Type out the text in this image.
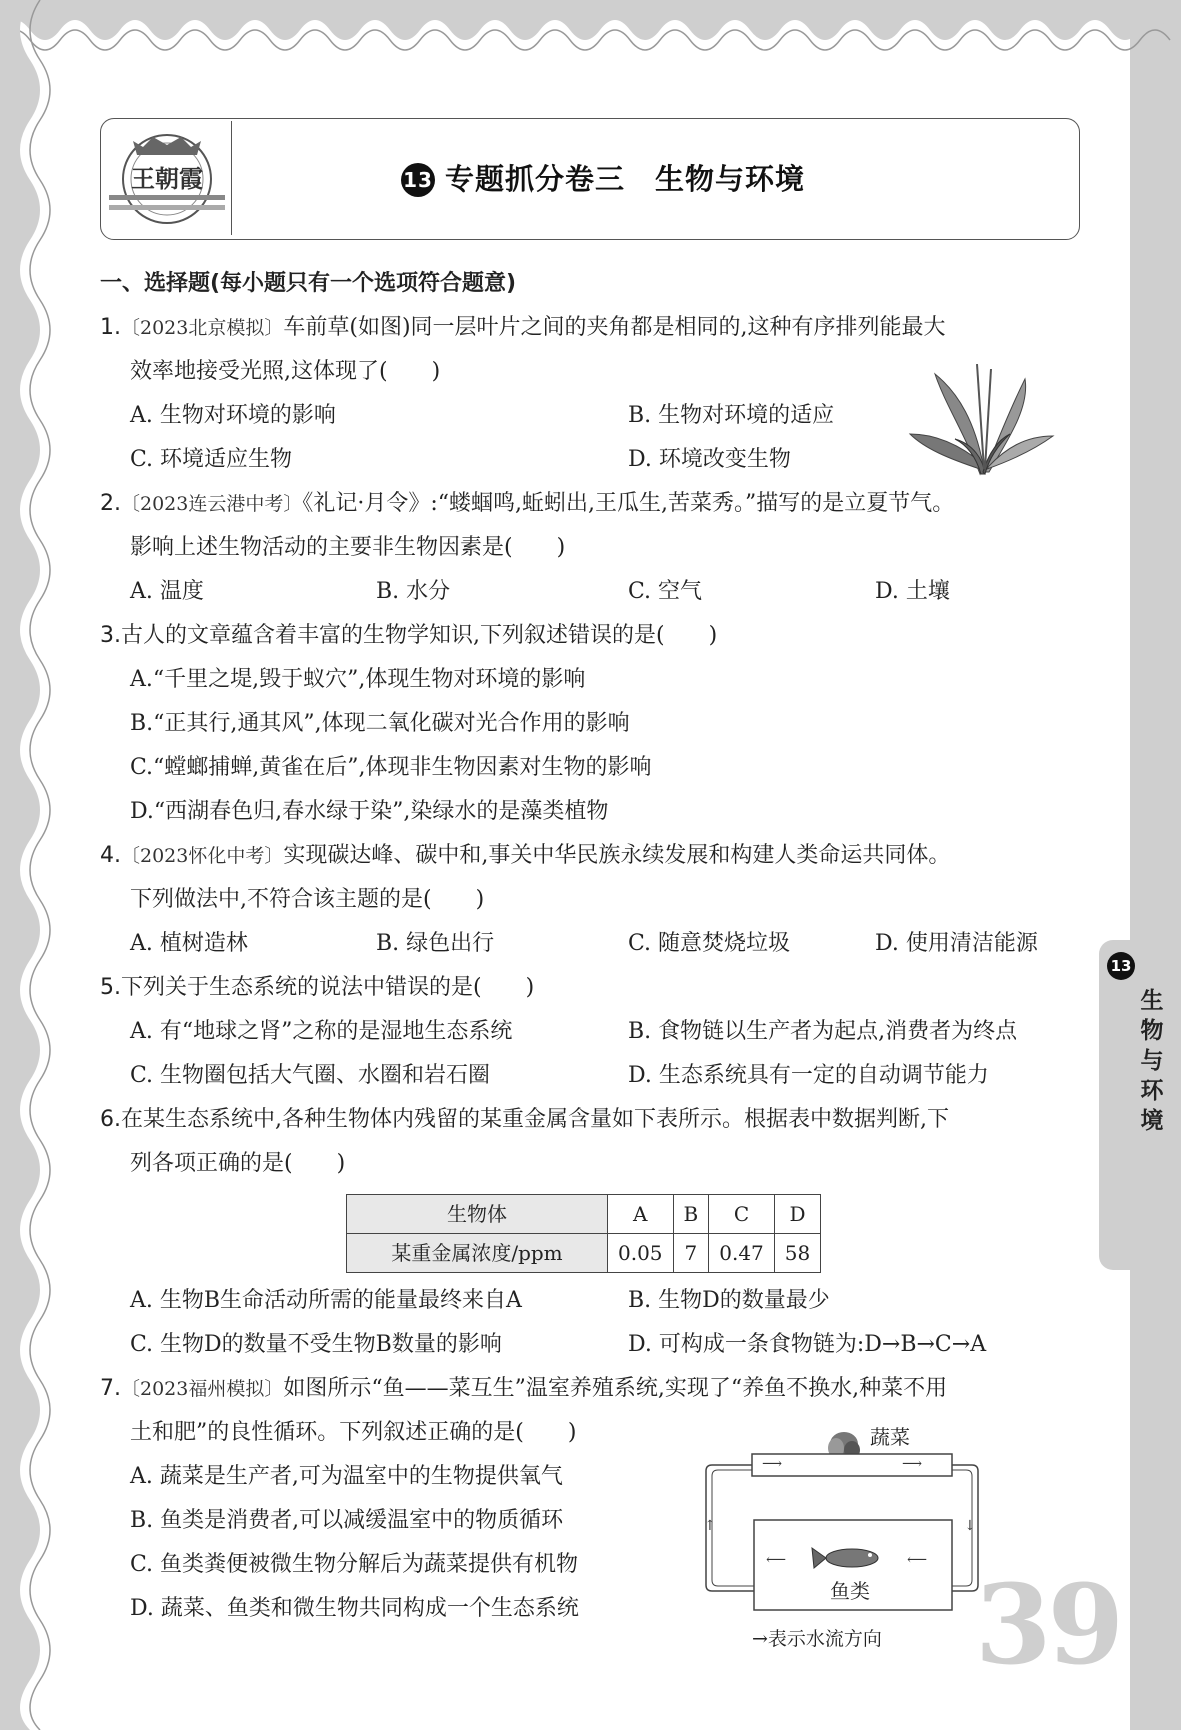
王朝霞	13 专题抓分卷三　生物与环境
一、选择题(每小题只有一个选项符合题意)
1.〔2023北京模拟〕车前草(如图)同一层叶片之间的夹角都是相同的,这种有序排列能最大
效率地接受光照,这体现了(　　)
A. 生物对环境的影响	B. 生物对环境的适应
C. 环境适应生物	D. 环境改变生物
2.〔2023连云港中考〕《礼记·月令》:“蝼蝈鸣,蚯蚓出,王瓜生,苦菜秀。”描写的是立夏节气。
影响上述生物活动的主要非生物因素是(　　)
A. 温度	B. 水分	C. 空气	D. 土壤
3.古人的文章蕴含着丰富的生物学知识,下列叙述错误的是(　　)
A.“千里之堤,毁于蚁穴”,体现生物对环境的影响
B.“正其行,通其风”,体现二氧化碳对光合作用的影响
C.“螳螂捕蝉,黄雀在后”,体现非生物因素对生物的影响
D.“西湖春色归,春水绿于染”,染绿水的是藻类植物
4.〔2023怀化中考〕实现碳达峰、碳中和,事关中华民族永续发展和构建人类命运共同体。
下列做法中,不符合该主题的是(　　)
A. 植树造林	B. 绿色出行	C. 随意焚烧垃圾	D. 使用清洁能源
5.下列关于生态系统的说法中错误的是(　　)
A. 有“地球之肾”之称的是湿地生态系统	B. 食物链以生产者为起点,消费者为终点
C. 生物圈包括大气圈、水圈和岩石圈	D. 生态系统具有一定的自动调节能力
6.在某生态系统中,各种生物体内残留的某重金属含量如下表所示。根据表中数据判断,下
列各项正确的是(　　)
生物体	A	B	C	D
某重金属浓度/ppm	0.05	7	0.47	58
A. 生物B生命活动所需的能量最终来自A	B. 生物D的数量最少
C. 生物D的数量不受生物B数量的影响	D. 可构成一条食物链为:D→B→C→A
7.〔2023福州模拟〕如图所示“鱼——菜互生”温室养殖系统,实现了“养鱼不换水,种菜不用
土和肥”的良性循环。下列叙述正确的是(　　)
A. 蔬菜是生产者,可为温室中的生物提供氧气
B. 鱼类是消费者,可以减缓温室中的物质循环
C. 鱼类粪便被微生物分解后为蔬菜提供有机物
D. 蔬菜、鱼类和微生物共同构成一个生态系统
蔬菜
⟶	⟶
↓
↑
⟵	⟵
鱼类
→表示水流方向
13
生物与环境
39
